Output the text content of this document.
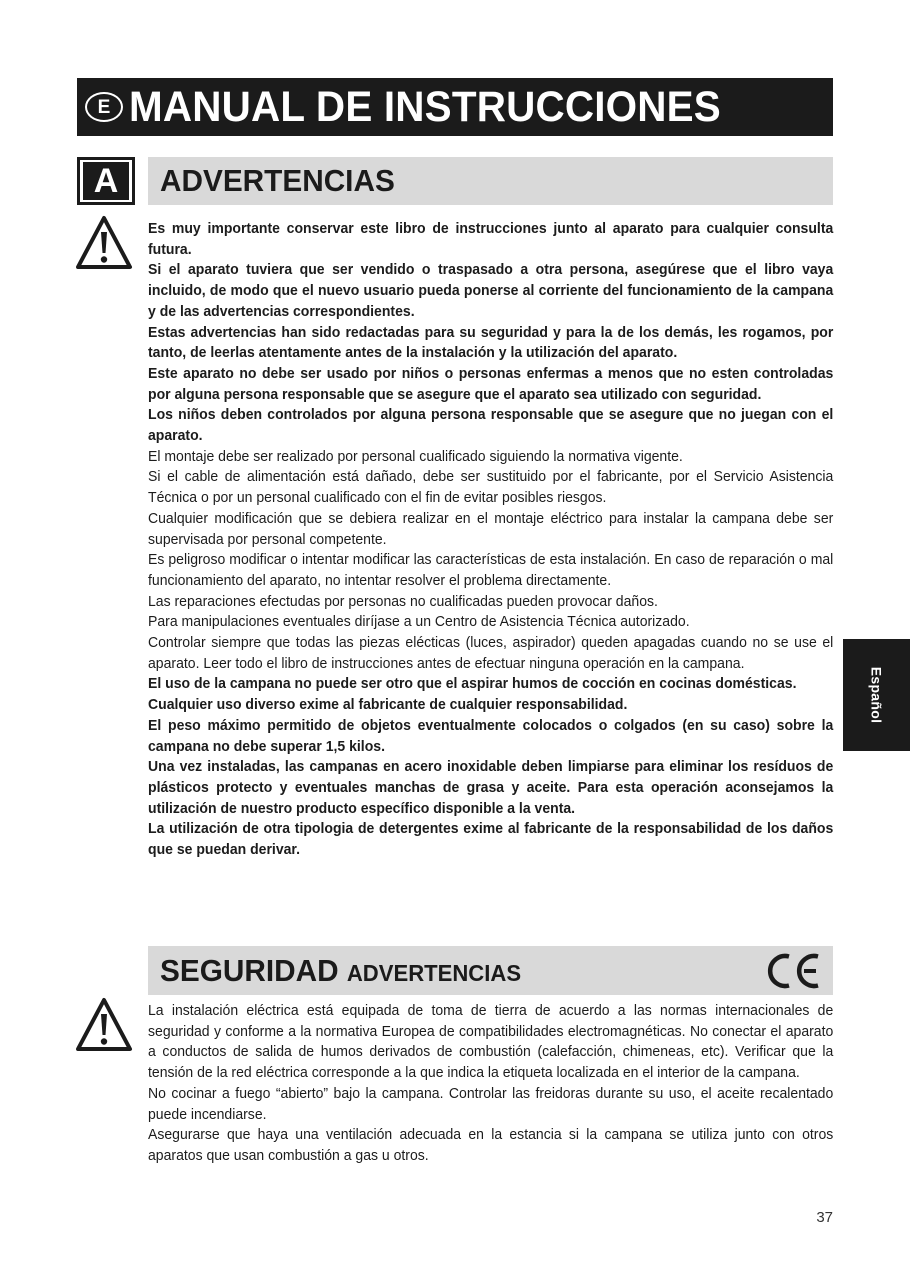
E MANUAL DE INSTRUCCIONES
A	ADVERTENCIAS

Es muy importante conservar este libro de instrucciones junto al aparato para cualquier consulta futura.

Si el aparato tuviera que ser vendido o traspasado a otra persona, asegúrese que el libro vaya incluido, de modo que el nuevo usuario pueda ponerse al corriente del funcionamiento de la campana y de las advertencias correspondientes.

Estas advertencias han sido redactadas para su seguridad y para la de los demás, les rogamos, por tanto, de leerlas atentamente antes de la instalación y la utilización del aparato.

Este aparato no debe ser usado por niños o personas enfermas a menos que no esten controladas por alguna persona responsable que se asegure que el aparato sea utilizado con seguridad.

Los niños deben controlados por alguna persona responsable que se asegure que no juegan con el aparato.

El montaje debe ser realizado por personal cualificado siguiendo la normativa vigente.

Si el cable de alimentación está dañado, debe ser sustituido por el fabricante, por el Servicio Asistencia Técnica o por un personal cualificado con el fin de evitar posibles riesgos.

Cualquier modificación que se debiera realizar en el montaje eléctrico para instalar la campana debe ser supervisada por personal competente.

Es peligroso modificar o intentar modificar las características de esta instalación. En caso de reparación o mal funcionamiento del aparato, no intentar resolver el problema directamente.

Las reparaciones efectudas por personas no cualificadas pueden provocar daños.

Para manipulaciones eventuales diríjase a un Centro de Asistencia Técnica autorizado.

Controlar siempre que todas las piezas elécticas (luces, aspirador) queden apagadas cuando no se use el aparato. Leer todo el libro de instrucciones antes de efectuar ninguna operación en la campana.

El uso de la campana no puede ser otro que el aspirar humos de cocción en cocinas domésticas.

Cualquier uso diverso exime al fabricante de cualquier responsabilidad.

El peso máximo permitido de objetos eventualmente colocados o colgados (en su caso) sobre la campana no debe superar 1,5 kilos.

Una vez instaladas, las campanas en acero inoxidable deben limpiarse para eliminar los resíduos de plásticos protecto y eventuales manchas de grasa y aceite. Para esta operación aconsejamos la utilización de nuestro producto específico disponible a la venta.

La utilización de otra tipologia de detergentes exime al fabricante de la responsabilidad de los daños que se puedan derivar.

SEGURIDAD ADVERTENCIAS

La instalación eléctrica está equipada de toma de tierra de acuerdo a las normas internacionales de seguridad y conforme a la normativa Europea de compatibilidades electromagnéticas. No conectar el aparato a conductos de salida de humos derivados de combustión (calefacción, chimeneas, etc). Verificar que la tensión de la red eléctrica corresponde a la que indica la etiqueta localizada en el interior de la campana.

No cocinar a fuego “abierto” bajo la campana. Controlar las freidoras durante su uso, el aceite recalentado puede incendiarse.

Asegurarse que haya una ventilación adecuada en la estancia si la campana se utiliza junto con otros aparatos que usan combustión a gas u otros.

Español
37
